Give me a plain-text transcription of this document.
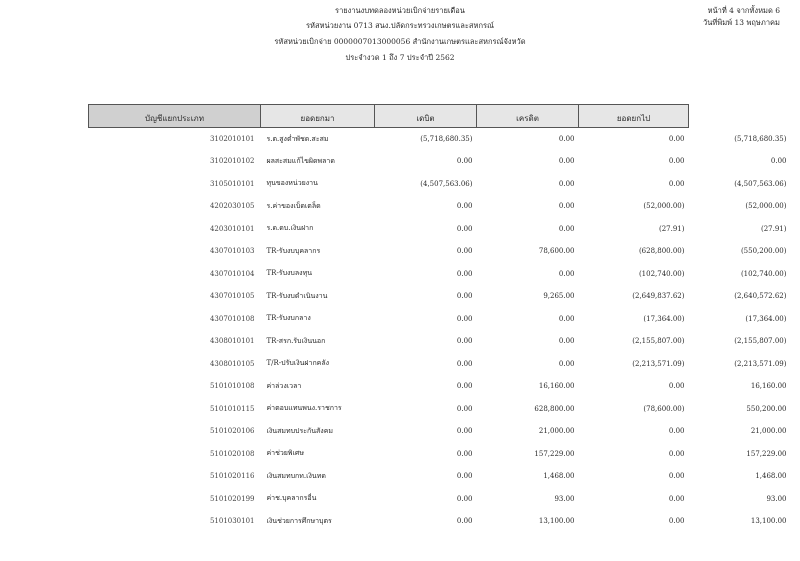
รายงานงบทดลองหน่วยเบิกจ่ายรายเดือน
รหัสหน่วยงาน 0713 สนง.ปลัดกระทรวงเกษตรและสหกรณ์
รหัสหน่วยเบิกจ่าย 0000007013000056 สำนักงานเกษตรและสหกรณ์จังหวัด
ประจำงวด 1 ถึง 7 ประจำปี 2562
หน้าที่ 4 จากทั้งหมด 6
วันที่พิมพ์ 13 พฤษภาคม
บัญชีแยกประเภท	ยอดยกมา	เดบิต	เครดิต	ยอดยกไป	
3102010101	ร.ต.สูงต่ำพัชด.สะสม	(5,718,680.35)	0.00	0.00	(5,718,680.35)
3102010102	ผลสะสมแก้ไขผิดพลาด	0.00	0.00	0.00	0.00
3105010101	ทุนของหน่วยงาน	(4,507,563.06)	0.00	0.00	(4,507,563.06)
4202030105	ร.ค่าของเบ็ดเตล็ด	0.00	0.00	(52,000.00)	(52,000.00)
4203010101	ร.ด.ดบ.เงินฝาก	0.00	0.00	(27.91)	(27.91)
4307010103	TR-รับงบบุคลากร	0.00	78,600.00	(628,800.00)	(550,200.00)
4307010104	TR-รับงบลงทุน	0.00	0.00	(102,740.00)	(102,740.00)
4307010105	TR-รับงบดำเนินงาน	0.00	9,265.00	(2,649,837.62)	(2,640,572.62)
4307010108	TR-รับงบกลาง	0.00	0.00	(17,364.00)	(17,364.00)
4308010101	TR-สรก.รับเงินนอก	0.00	0.00	(2,155,807.00)	(2,155,807.00)
4308010105	T/R-ปรับเงินฝากคลัง	0.00	0.00	(2,213,571.09)	(2,213,571.09)
5101010108	ค่าล่วงเวลา	0.00	16,160.00	0.00	16,160.00
5101010115	ค่าตอบแทนพนง.ราชการ	0.00	628,800.00	(78,600.00)	550,200.00
5101020106	เงินสมทบประกันสังคม	0.00	21,000.00	0.00	21,000.00
5101020108	ค่าช่วยพิเศษ	0.00	157,229.00	0.00	157,229.00
5101020116	เงินสมทบกท.เงินทด	0.00	1,468.00	0.00	1,468.00
5101020199	ค่าช.บุคลากรอื่น	0.00	93.00	0.00	93.00
5101030101	เงินช่วยการศึกษาบุตร	0.00	13,100.00	0.00	13,100.00
